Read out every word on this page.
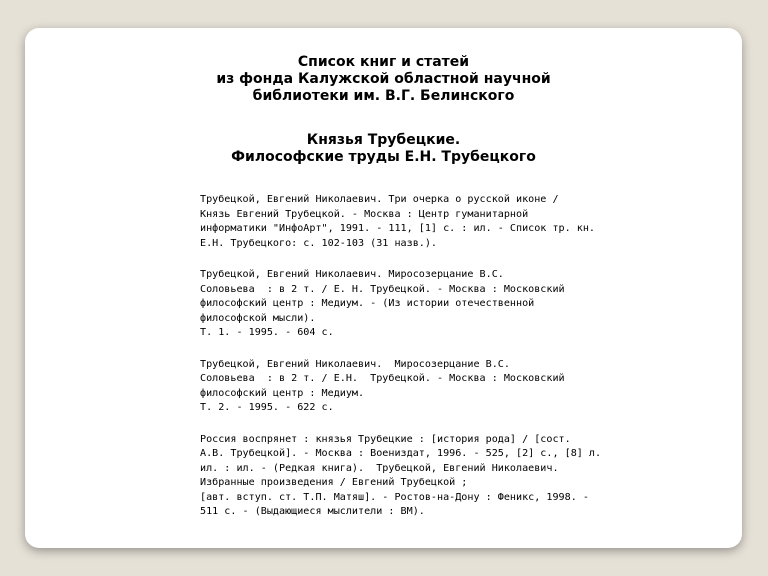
Список книг и статей
из фонда Калужской областной научной
библиотеки им. В.Г. Белинского
Князья Трубецкие.
Философские труды Е.Н. Трубецкого
Трубецкой, Евгений Николаевич. Три очерка о русской иконе /
Князь Евгений Трубецкой. - Москва : Центр гуманитарной
информатики "ИнфоАрт", 1991. - 111, [1] с. : ил. - Список тр. кн.
Е.Н. Трубецкого: с. 102-103 (31 назв.).
Трубецкой, Евгений Николаевич. Миросозерцание В.С.
Соловьева  : в 2 т. / Е. Н. Трубецкой. - Москва : Московский
философский центр : Медиум. - (Из истории отечественной
философской мысли).
Т. 1. - 1995. - 604 с.
Трубецкой, Евгений Николаевич.  Миросозерцание В.С.
Соловьева  : в 2 т. / Е.Н.  Трубецкой. - Москва : Московский
философский центр : Медиум.
Т. 2. - 1995. - 622 с.
Россия воспрянет : князья Трубецкие : [история рода] / [сост.
А.В. Трубецкой]. - Москва : Воениздат, 1996. - 525, [2] с., [8] л.
ил. : ил. - (Редкая книга).  Трубецкой, Евгений Николаевич.
Избранные произведения / Евгений Трубецкой ;
[авт. вступ. ст. Т.П. Матяш]. - Ростов-на-Дону : Феникс, 1998. -
511 с. - (Выдающиеся мыслители : ВМ).
